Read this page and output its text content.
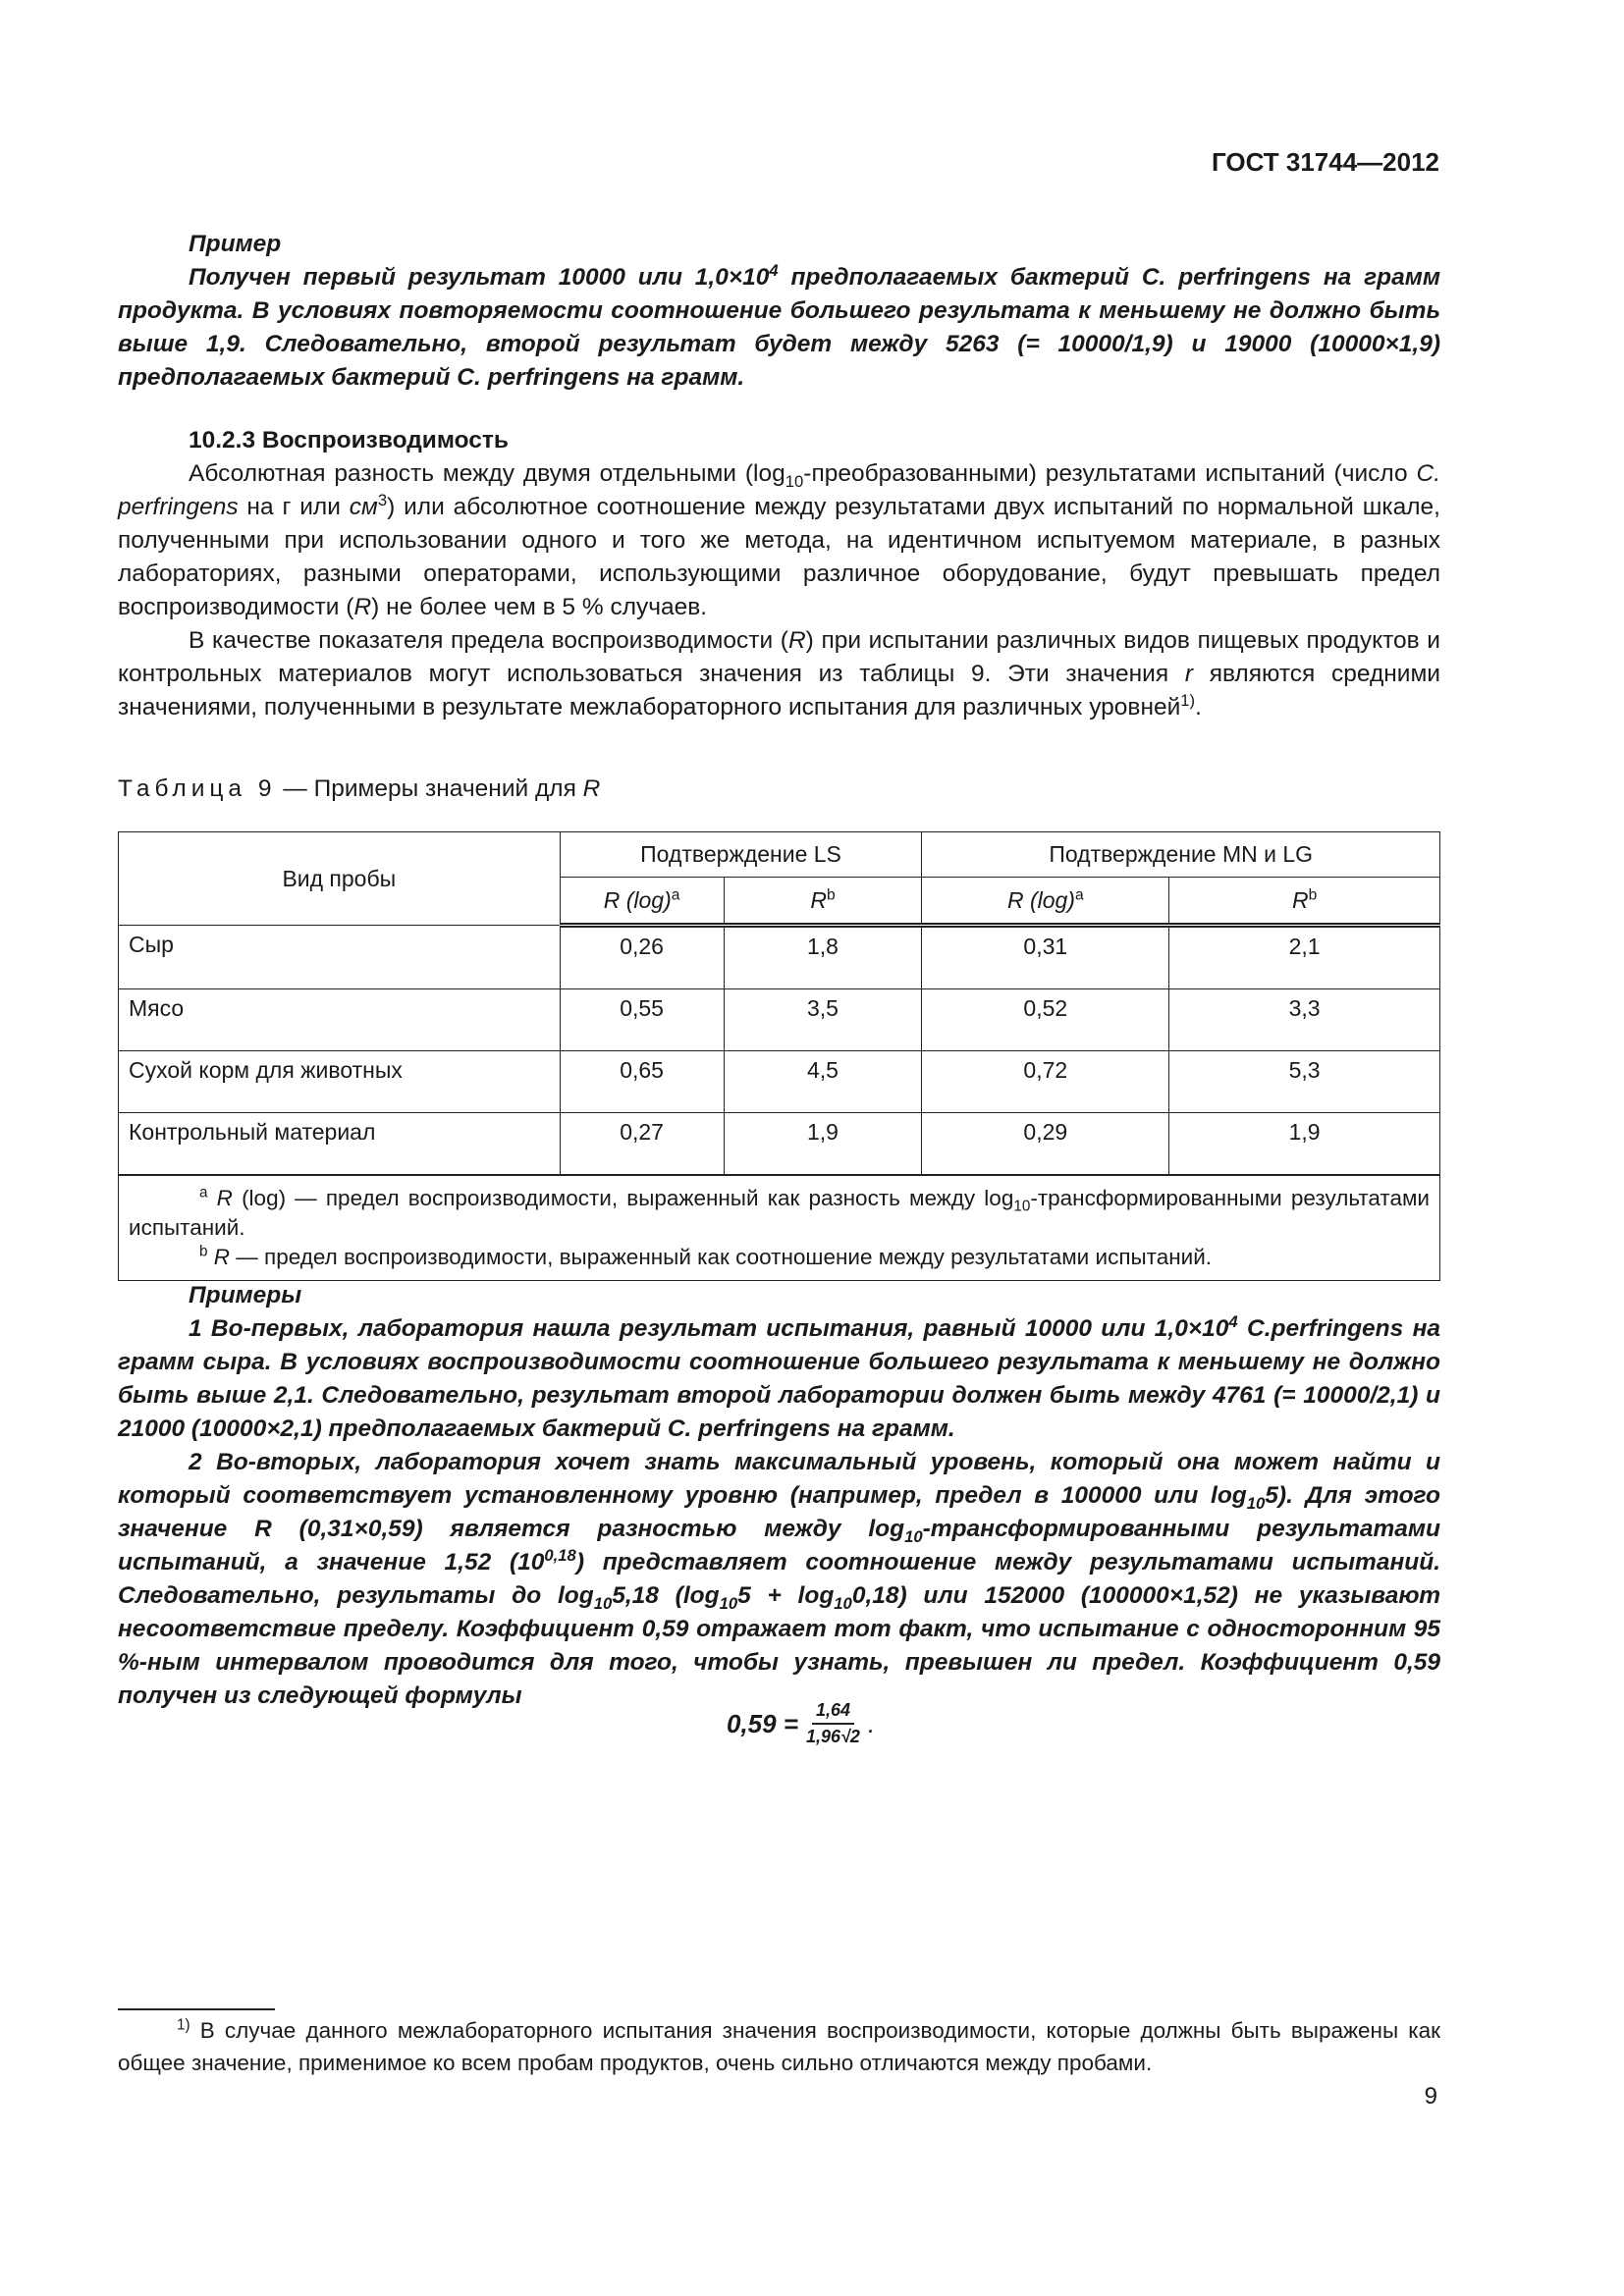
ГОСТ 31744—2012

Пример

Получен первый результат 10000 или $1,0\times 10^4$ предполагаемых бактерий C. perfringens на грамм продукта. В условиях повторяемости соотношение большего результата к меньшему не должно быть выше 1,9. Следовательно, второй результат будет между 5263 (= 10000/1,9) и 19000 (10000×1,9) предполагаемых бактерий C. perfringens на грамм.

10.2.3 Воспроизводимость

Абсолютная разность между двумя отдельными $(\log_{10}-преобразованными)$ результатами испытаний (число C. perfringens на г или $см^3$) или абсолютное соотношение между результатами двух испытаний по нормальной шкале, полученными при использовании одного и того же метода, на идентичном испытуемом материале, в разных лабораториях, разными операторами, использующими различное оборудование, будут превышать предел воспроизводимости (R) не более чем в 5 % случаев.

В качестве показателя предела воспроизводимости (R) при испытании различных видов пищевых продуктов и контрольных материалов могут использоваться значения из таблицы 9. Эти значения r являются средними значениями, полученными в результате межлабораторного испытания для различных уровней$^{1)}$.

Таблица 9 — Примеры значений для R
Вид пробы	Подтверждение LS		Подтверждение MN и LG	
	R $(\log)^a$	$R^b$	R $(\log)^a$	$R^b$
Сыр	0,26	1,8	0,31	2,1
Мясо	0,55	3,5	0,52	3,3
Сухой корм для животных	0,65	4,5	0,72	5,3
Контрольный материал	0,27	1,9	0,29	1,9

$^a$ R (log) — предел воспроизводимости, выраженный как разность между $\log_{10}$-трансформированными результатами испытаний.

$^b$ R — предел воспроизводимости, выраженный как соотношение между результатами испытаний.				

Примеры

1 Во-первых, лаборатория нашла результат испытания, равный 10000 или $1,0\times 10^4$ C.perfringens на грамм сыра. В условиях воспроизводимости соотношение большего результата к меньшему не должно быть выше 2,1. Следовательно, результат второй лаборатории должен быть между 4761 (= 10000/2,1) и 21000 (10000×2,1) предполагаемых бактерий C. perfringens на грамм.

2 Во-вторых, лаборатория хочет знать максимальный уровень, который она может найти и который соответствует установленному уровню (например, предел в 100000 или $\log_{10}5$). Для этого значение R (0,31×0,59) является разностью между $\log_{10}$-трансформированными результатами испытаний, а значение 1,52 (10$^{0,18}$) представляет соотношение между результатами испытаний. Следовательно, результаты до $\log_{10}5,18$ $(\log_{10}5 + \log_{10}0,18)$ или 152000 (100000×1,52) не указывают несоответствие пределу. Коэффициент 0,59 отражает тот факт, что испытание с односторонним 95 %-ным интервалом проводится для того, чтобы узнать, превышен ли предел. Коэффициент 0,59 получен из следующей формулы

$0,59 = \frac{1,64}{1,96√2}$ .
$^{1)}$ В случае данного межлабораторного испытания значения воспроизводимости, которые должны быть выражены как общее значение, применимое ко всем пробам продуктов, очень сильно отличаются между пробами.
9
